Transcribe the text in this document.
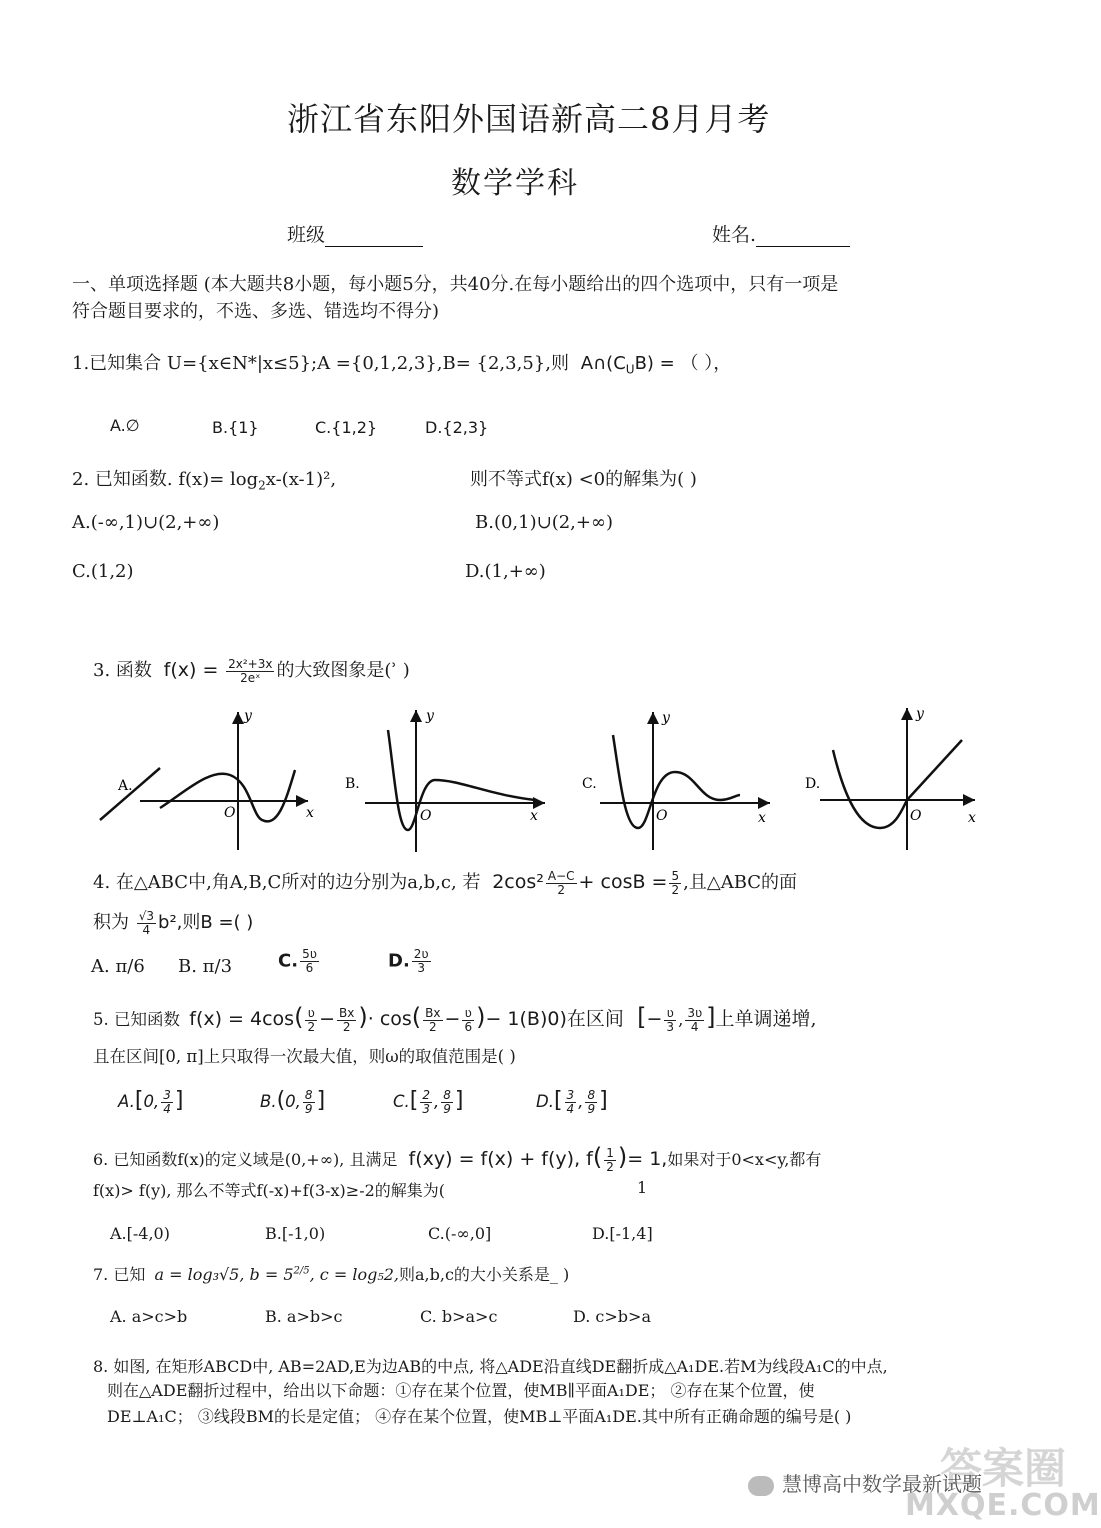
浙江省东阳外国语新高二8月月考
数学学科
班级	姓名.
一、单项选择题 (本大题共8小题，每小题5分，共40分.在每小题给出的四个选项中，只有一项是
符合题目要求的，不选、多选、错选均不得分)
1.已知集合 U={x∈N*|x≤5};A ={0,1,2,3},B= {2,3,5},则 $A\cap(C_UB)$ = （ ），
A.∅	B.{1}	C.{1,2}	D.{2,3}
2. 已知函数. $f(x)= \log_2x-(x-1)^2$,	则不等式f(x) <0的解集为( )
A.(-∞,1)∪(2,+∞)	B.(0,1)∪(2,+∞)
C.(1,2)	D.(1,+∞)
3. 函数 $f(x) = \frac{\text{2x²+3x}}{\text{2eˣ}}$ 的大致图象是(ʾ )
A.
y
x
O
B.
y
x
O
C.
y
x
O
D.
y
x
O
4. 在△ABC中,角A,B,C所对的边分别为a,b,c, 若 $2\cos^2 \frac{A-C}{2} + \cos B = \frac{5}{2}$ ,且△ABC的面
积为 $\frac{√3}{4} b^2$,则B =( )
A. π/6 B. π/3	C. $\frac{\text{5ʋ}}{6}$	D. $\frac{\text{2ʋ}}{3}$
5. 已知函数 $f(x) = 4\cos( \frac{\text{ʋ}}{2} - \frac{Bx}{2}$ )· $\cos( \frac{Bx}{2} - \frac{\text{ʋ}}{6}$ )− 1(B)0)在区间 [− $\frac{\text{ʋ}}{3}$ , $\frac{\text{3ʋ}}{4}$ ]上单调递增,
且在区间[0, π]上只取得一次最大值，则ω的取值范围是( )
A.[0, $\frac{3}{4}$ ]	B.(0, $\frac{8}{9}$ ]	$C.[ \frac{2}{3}$ , $\frac{8}{9}$ ]	$D.[ \frac{3}{4}$ , $\frac{8}{9}$ ]
6. 已知函数f(x)的定义域是(0,+∞), 且满足 f(xy) = f(x) + f(y), $f( \frac{1}{2}$ )= 1,如果对于0<x<y,都有
f(x)> f(y), 那么不等式f(-x)+f(3-x)≥-2的解集为(	1
A.[-4,0)	B.[-1,0)	C.(-∞,0]	D.[-1,4]
7. 已知 a = log₃√5, $b = 5^{2/5}$, c = log₅2,则a,b,c的大小关系是_ )
A. a>c>b	B. a>b>c	C. b>a>c	D. c>b>a
8. 如图, 在矩形ABCD中, AB=2AD,E为边AB的中点, 将△ADE沿直线DE翻折成△A₁DE.若M为线段A₁C的中点,
则在△ADE翻折过程中，给出以下命题：①存在某个位置，使MB∥平面A₁DE； ②存在某个位置，使
DE⊥A₁C； ③线段BM的长是定值； ④存在某个位置，使MB⊥平面A₁DE.其中所有正确命题的编号是( )
答案圈
慧博高中数学最新试题
MXQE.COM
